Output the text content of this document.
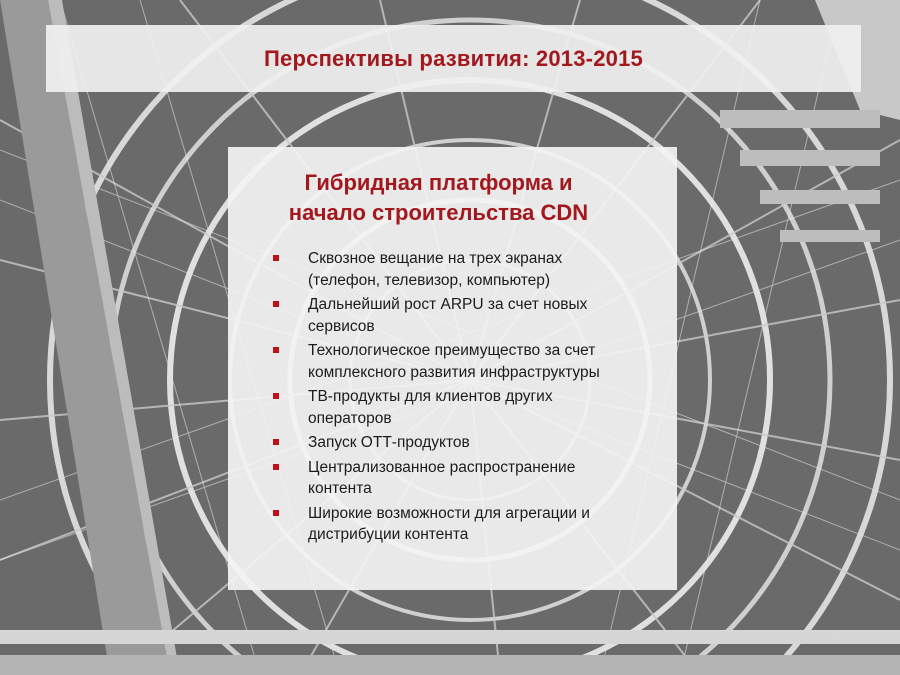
Перспективы развития: 2013-2015
Гибридная платформа и
начало строительства CDN
Сквозное вещание на трех экранах
(телефон, телевизор, компьютер)
Дальнейший рост ARPU за счет новых
сервисов
Технологическое преимущество за счет
комплексного развития инфраструктуры
ТВ-продукты для клиентов других
операторов
Запуск ОТТ-продуктов
Централизованное распространение
контента
Широкие возможности для агрегации и
дистрибуции контента
8
